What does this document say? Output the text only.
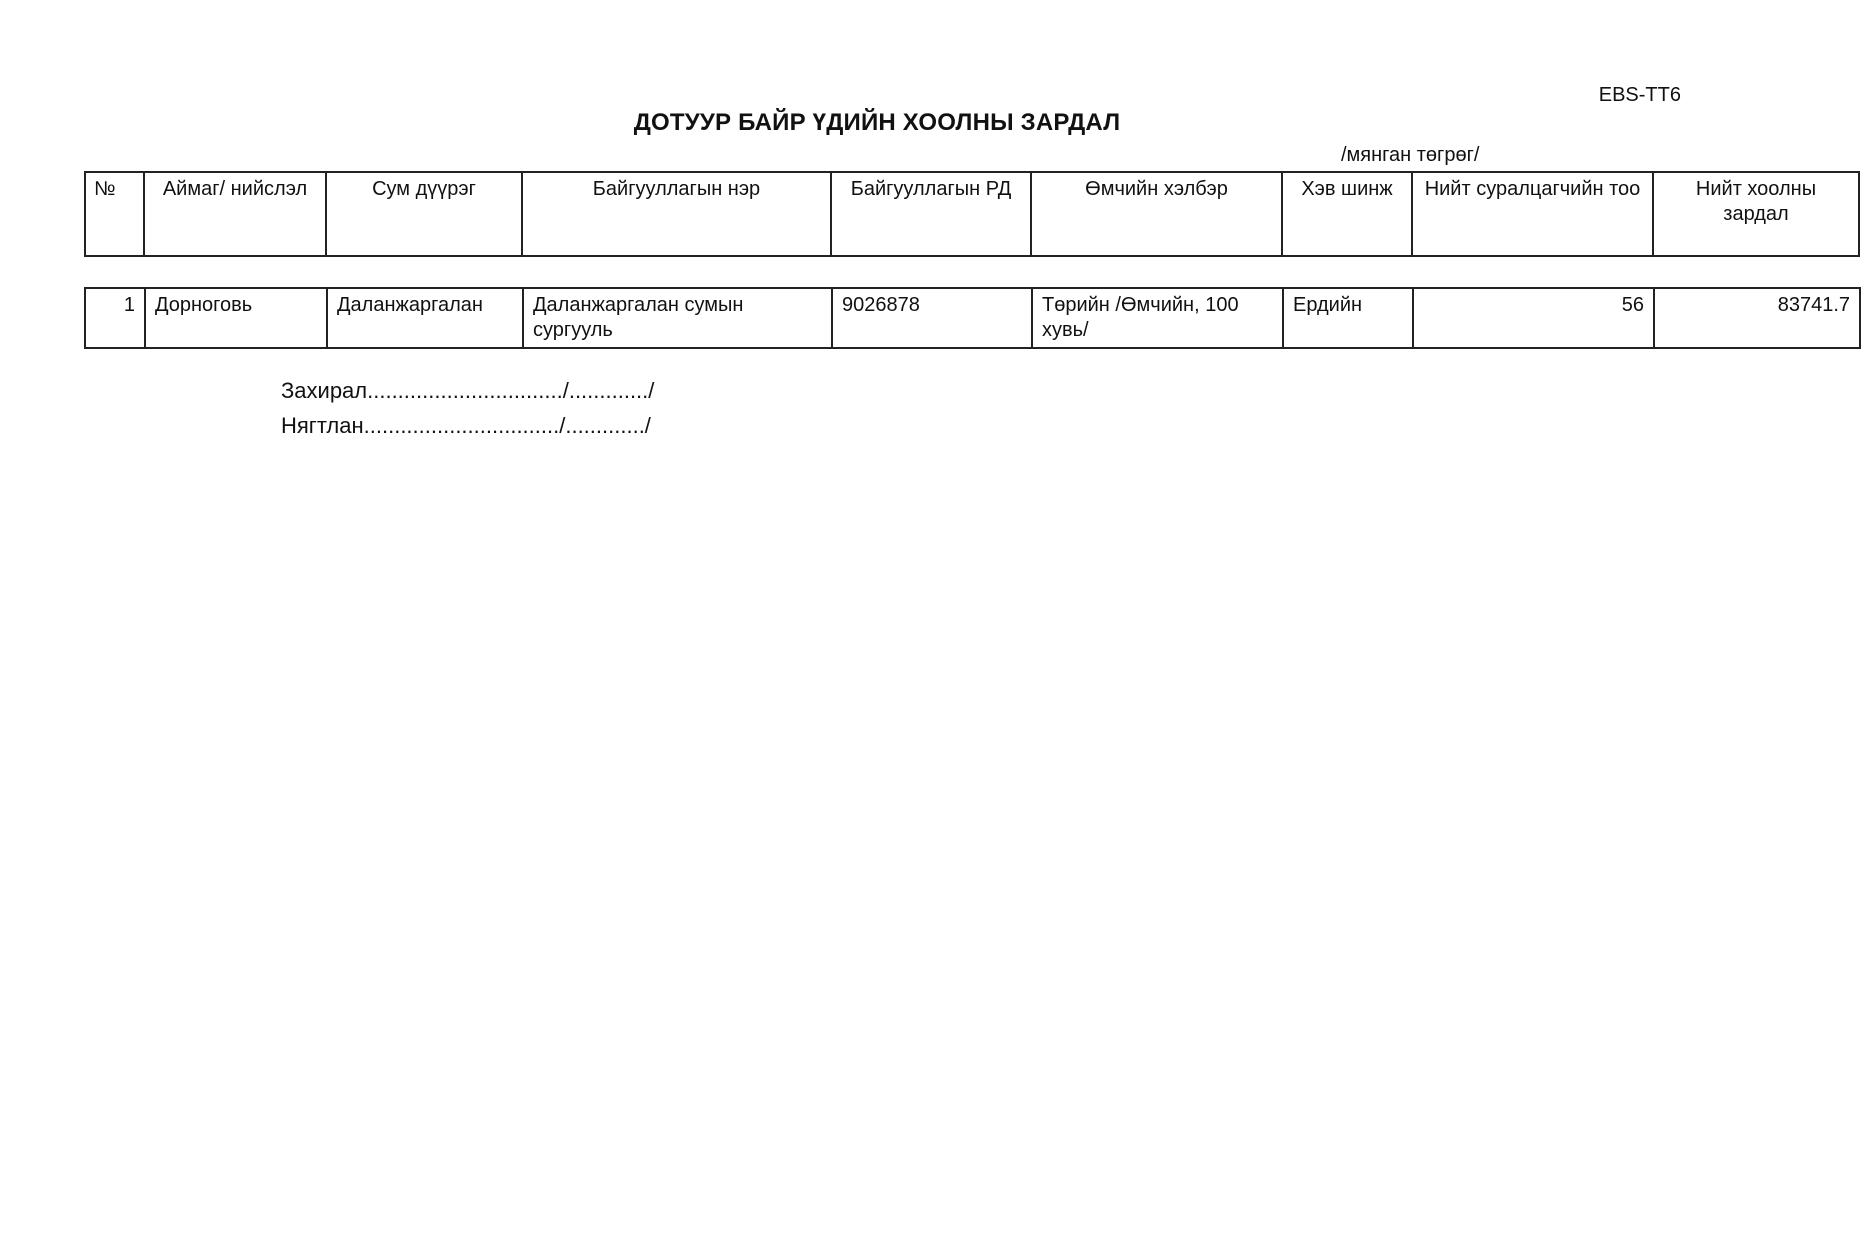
EBS-TT6
ДОТУУР БАЙР ҮДИЙН ХООЛНЫ ЗАРДАЛ
/мянган төгрөг/
№	Аймаг/ нийслэл	Сум дүүрэг	Байгууллагын нэр	Байгууллагын РД	Өмчийн хэлбэр	Хэв шинж	Нийт суралцагчийн тоо	Нийт хоолны зардал
1	Дорноговь	Даланжаргалан	Даланжаргалан сумын сургууль	9026878	Төрийн /Өмчийн, 100 хувь/	Ердийн	56	83741.7
Захирал................................/............./
Нягтлан................................/............./
